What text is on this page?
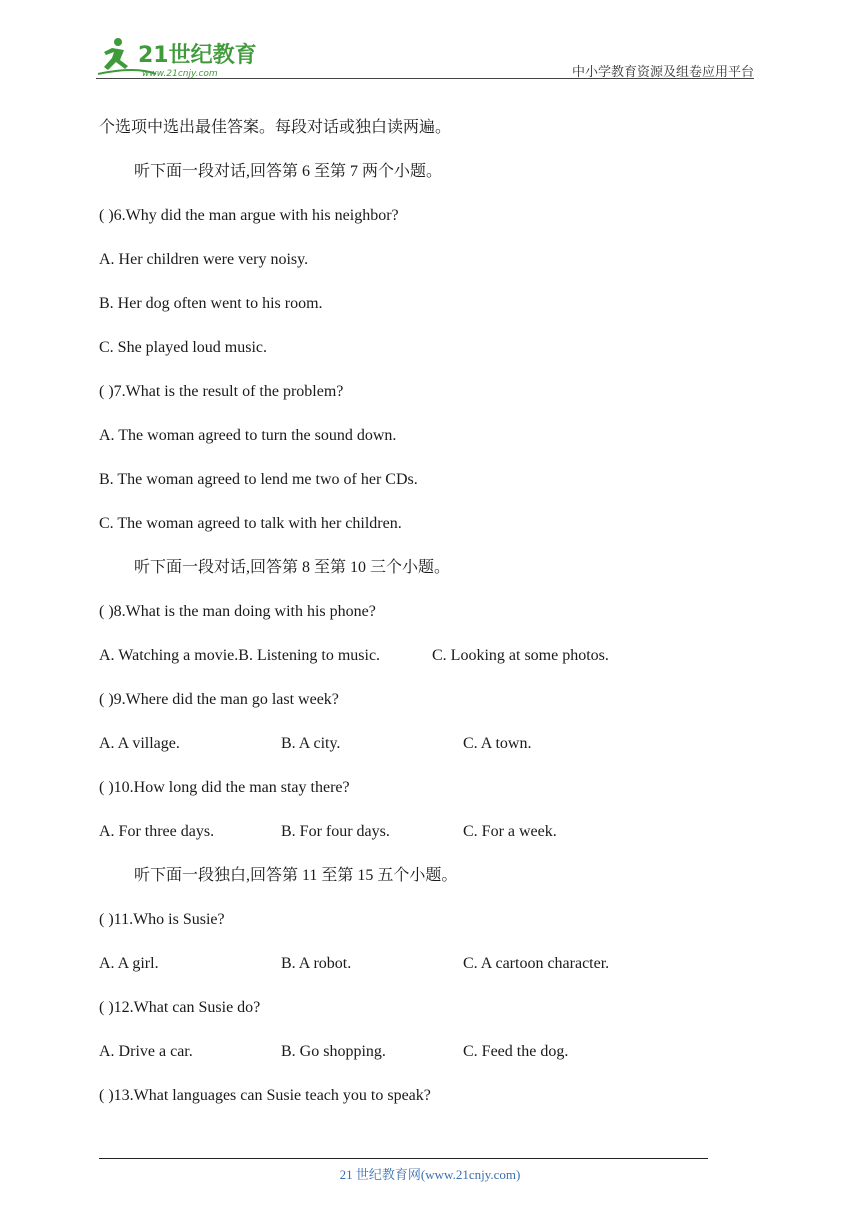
21世纪教育
www.21cnjy.com	中小学教育资源及组卷应用平台
个选项中选出最佳答案。每段对话或独白读两遍。
听下面一段对话,回答第 6 至第 7 两个小题。
( )6.Why did the man argue with his neighbor?
A. Her children were very noisy.
B. Her dog often went to his room.
C. She played loud music.
( )7.What is the result of the problem?
A. The woman agreed to turn the sound down.
B. The woman agreed to lend me two of her CDs.
C. The woman agreed to talk with her children.
听下面一段对话,回答第 8 至第 10 三个小题。
( )8.What is the man doing with his phone?
A. Watching a movie.B. Listening to music.	C. Looking at some photos.
( )9.Where did the man go last week?
A. A village.	B. A city.	C. A town.
( )10.How long did the man stay there?
A. For three days.	B. For four days.	C. For a week.
听下面一段独白,回答第 11 至第 15 五个小题。
( )11.Who is Susie?
A. A girl.	B. A robot.	C. A cartoon character.
( )12.What can Susie do?
A. Drive a car.	B. Go shopping.	C. Feed the dog.
( )13.What languages can Susie teach you to speak?
21 世纪教育网(www.21cnjy.com)
